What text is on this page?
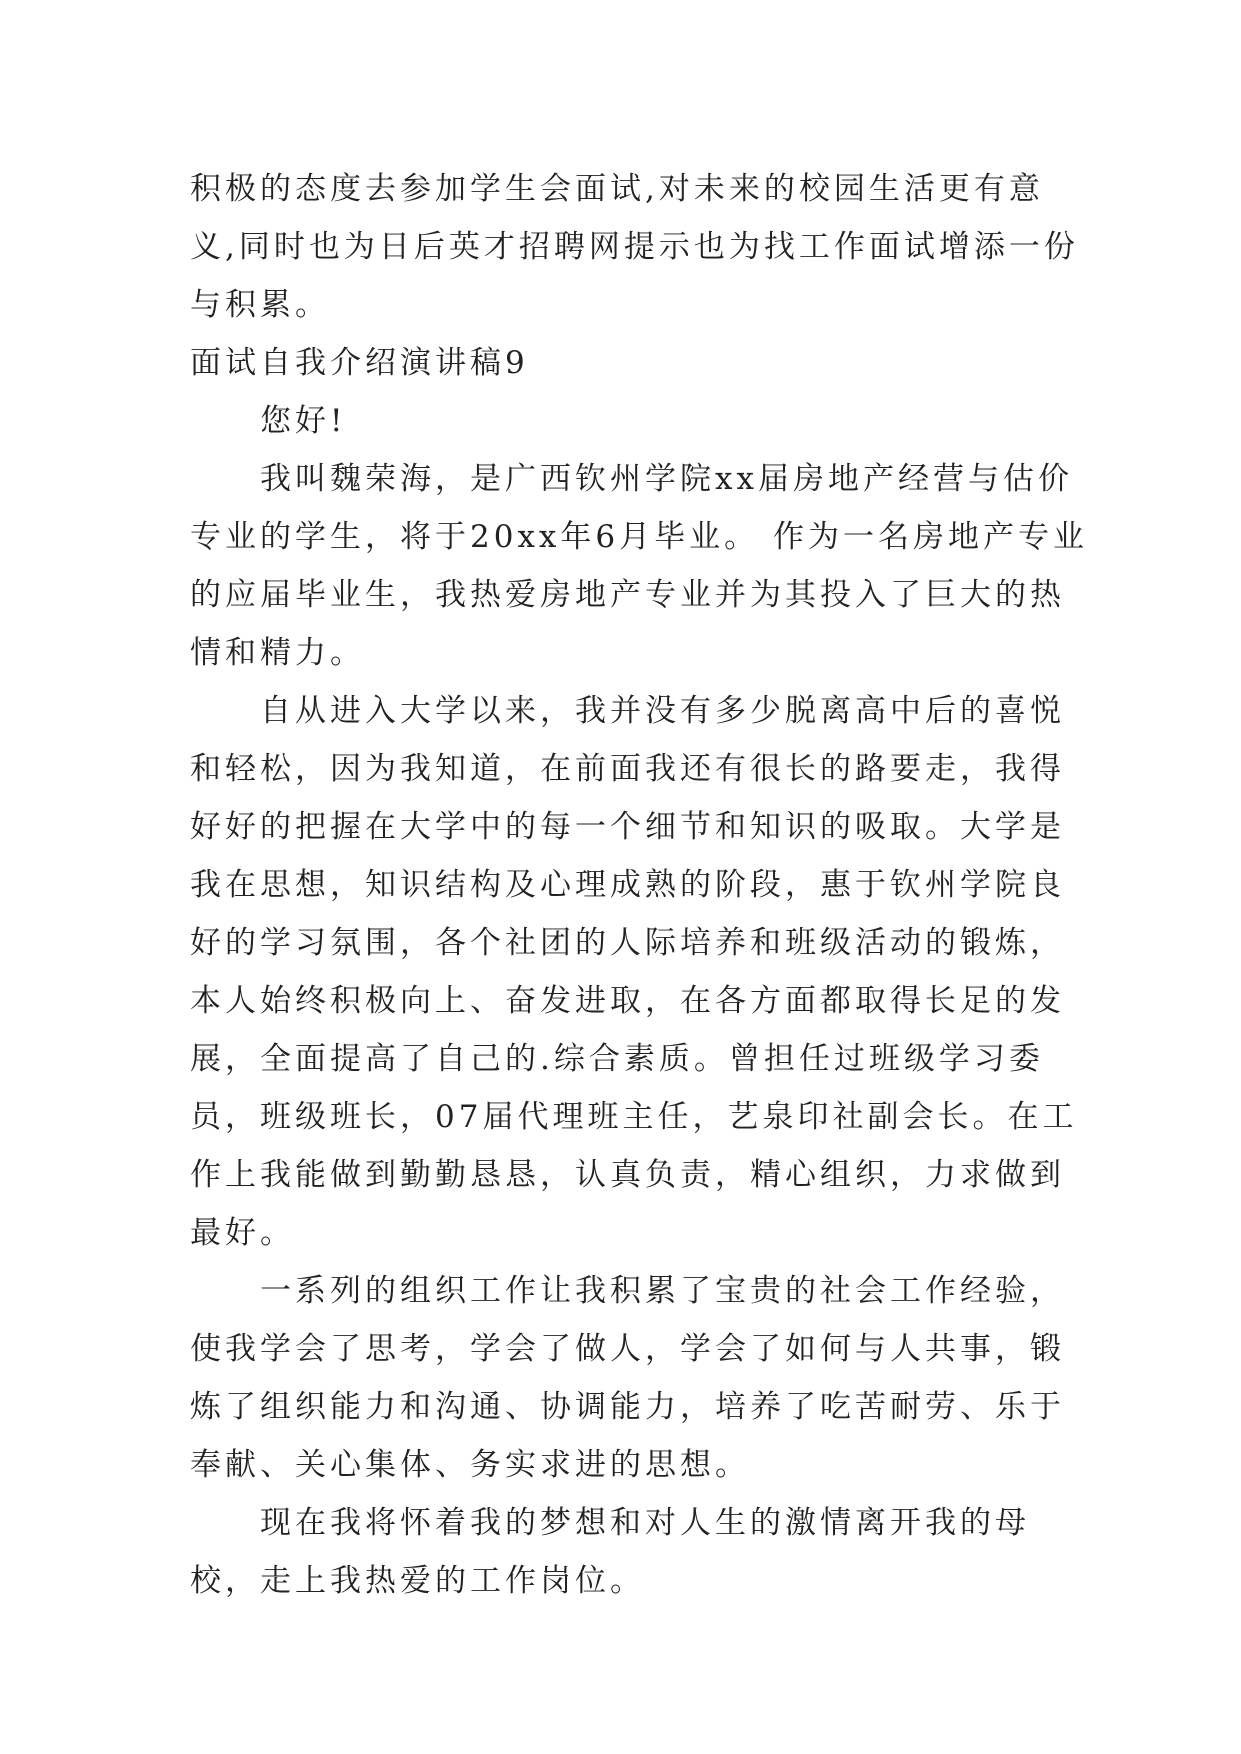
积极的态度去参加学生会面试,对未来的校园生活更有意义,同时也为日后英才招聘网提示也为找工作面试增添一份与积累。

面试自我介绍演讲稿9

您好!

我叫魏荣海，是广西钦州学院xx届房地产经营与估价专业的学生，将于20xx年6月毕业。 作为一名房地产专业的应届毕业生，我热爱房地产专业并为其投入了巨大的热情和精力。

自从进入大学以来，我并没有多少脱离高中后的喜悦和轻松，因为我知道，在前面我还有很长的路要走，我得好好的把握在大学中的每一个细节和知识的吸取。大学是我在思想，知识结构及心理成熟的阶段，惠于钦州学院良好的学习氛围，各个社团的人际培养和班级活动的锻炼，本人始终积极向上、奋发进取，在各方面都取得长足的发展，全面提高了自己的.综合素质。曾担任过班级学习委员，班级班长，07届代理班主任，艺泉印社副会长。在工作上我能做到勤勤恳恳，认真负责，精心组织，力求做到最好。

一系列的组织工作让我积累了宝贵的社会工作经验，使我学会了思考，学会了做人，学会了如何与人共事，锻炼了组织能力和沟通、协调能力，培养了吃苦耐劳、乐于奉献、关心集体、务实求进的思想。

现在我将怀着我的梦想和对人生的激情离开我的母校，走上我热爱的工作岗位。
